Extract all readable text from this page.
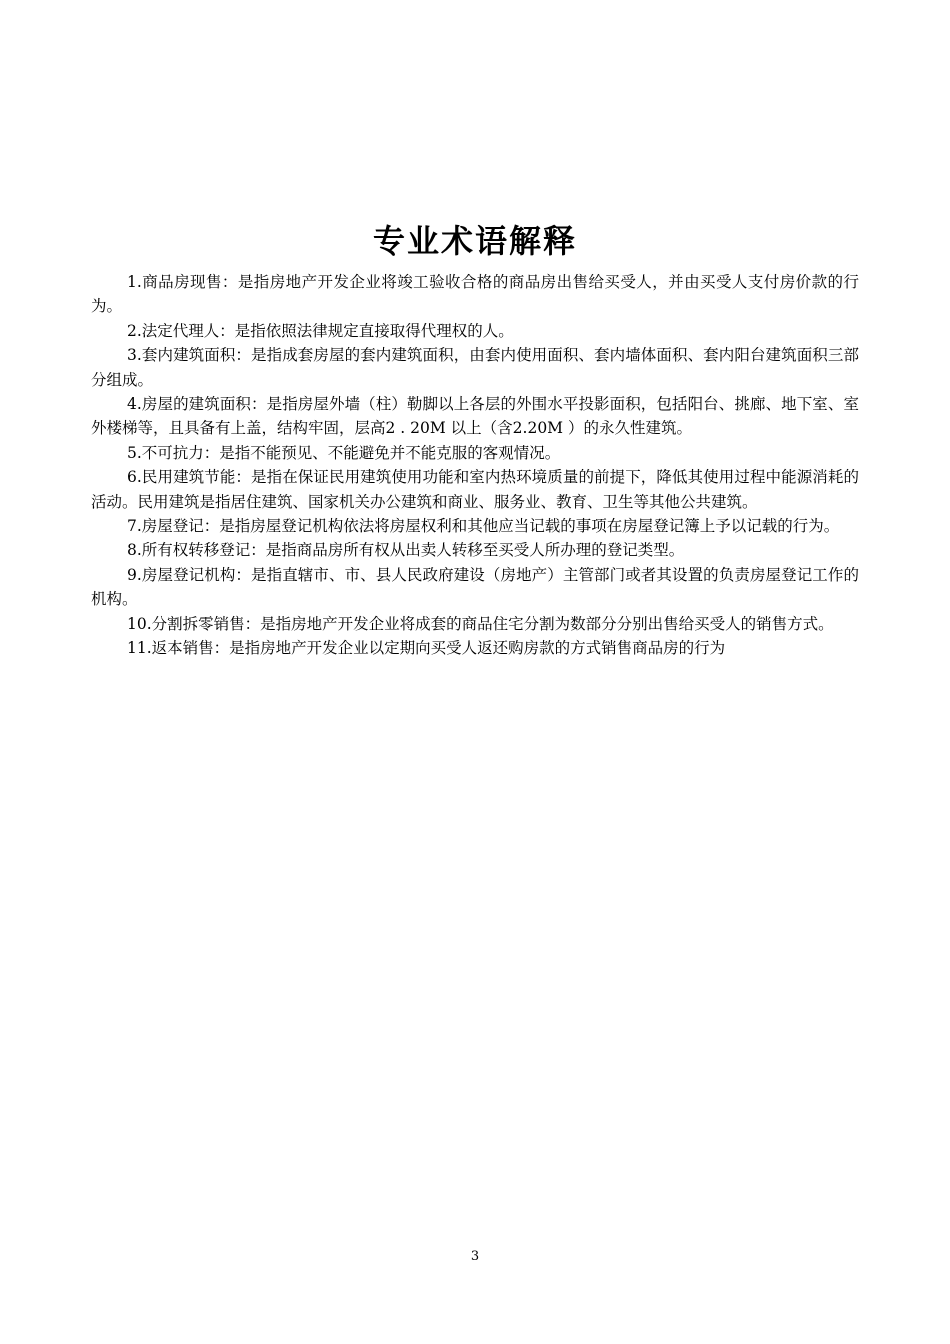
专业术语解释

1.商品房现售：是指房地产开发企业将竣工验收合格的商品房出售给买受人，并由买受人支付房价款的行为。

2.法定代理人：是指依照法律规定直接取得代理权的人。

3.套内建筑面积：是指成套房屋的套内建筑面积，由套内使用面积、套内墙体面积、套内阳台建筑面积三部分组成。

4.房屋的建筑面积：是指房屋外墙（柱）勒脚以上各层的外围水平投影面积，包括阳台、挑廊、地下室、室外楼梯等，且具备有上盖，结构牢固，层高2 . 20M 以上（含2.20M ）的永久性建筑。

5.不可抗力：是指不能预见、不能避免并不能克服的客观情况。

6.民用建筑节能：是指在保证民用建筑使用功能和室内热环境质量的前提下，降低其使用过程中能源消耗的活动。民用建筑是指居住建筑、国家机关办公建筑和商业、服务业、教育、卫生等其他公共建筑。

7.房屋登记：是指房屋登记机构依法将房屋权利和其他应当记载的事项在房屋登记簿上予以记载的行为。

8.所有权转移登记：是指商品房所有权从出卖人转移至买受人所办理的登记类型。

9.房屋登记机构：是指直辖市、市、县人民政府建设（房地产）主管部门或者其设置的负责房屋登记工作的机构。

10.分割拆零销售：是指房地产开发企业将成套的商品住宅分割为数部分分别出售给买受人的销售方式。

11.返本销售：是指房地产开发企业以定期向买受人返还购房款的方式销售商品房的行为

3
